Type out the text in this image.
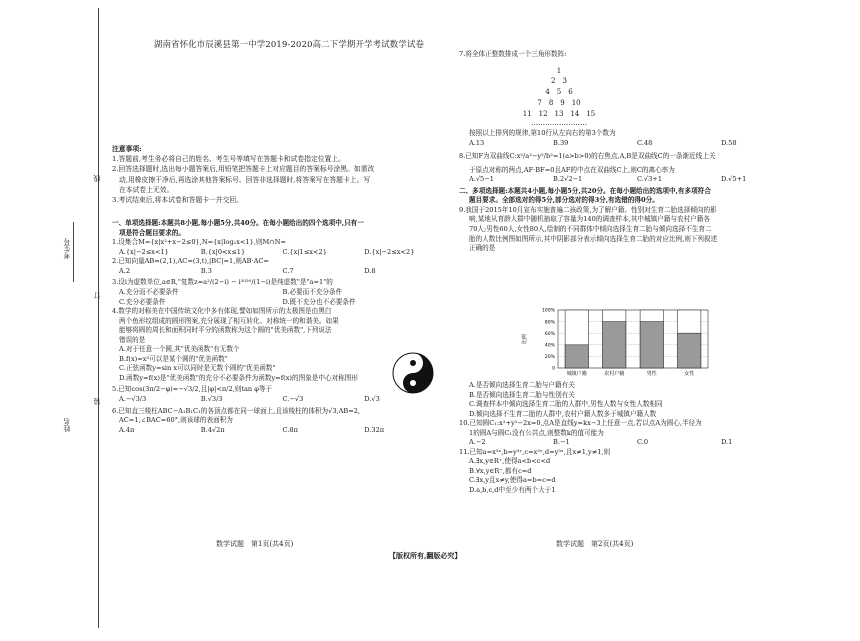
线
考生号
订
姓名
装
湖南省怀化市辰溪县第一中学2019-2020高二下学期开学考试数学试卷

注意事项:

1.答题前,考生务必将自己的姓名、考生号等填写在答题卡和试卷指定位置上。

2.回答选择题时,选出每小题答案后,用铅笔把答题卡上对应题目的答案标号涂黑。如需改

动,用橡皮擦干净后,再选涂其他答案标号。回答非选择题时,将答案写在答题卡上。写

在本试卷上无效。

3.考试结束后,将本试卷和答题卡一并交回。

一、单项选择题:本题共8小题,每小题5分,共40分。在每小题给出的四个选项中,只有一

项是符合题目要求的。

1.设集合M={x|x²+x−2≤0},N={x|log₂x<1},则M∩N=

A.{x|−2≤x<1}	B.{x|0<x≤1}	C.{x|1≤x<2}	D.{x|−2≤x<2}

2.已知向量AB=(2,1),AC=(3,t),|BC|=1,则AB·AC=

A.2	B.3	C.7	D.8

3.设i为虚数单位,a∈R,"复数z=a²/(2−i) − i²⁰²⁰/(1−i)是纯虚数"是"a=1"的

A.充分而不必要条件	B.必要而不充分条件
C.充分必要条件	D.既不充分也不必要条件

4.数学的对称美在中国传统文化中多有体现,譬如如图所示的太极图是由黑白

两个鱼形纹组成的圆形图案,充分展现了相互转化、对称统一的和谐美。如果

能够将圆的周长和面积同时平分的函数称为这个圆的"优美函数",下列说法

错误的是

A.对于任意一个圆,其"优美函数"有无数个

B.f(x)=x³可以是某个圆的"优美函数"

C.正弦函数y=sin x可以同时是无数个圆的"优美函数"

D.函数y=f(x)是"优美函数"的充分不必要条件为函数y=f(x)的图象是中心对称图形

5.已知cos(3π/2−φ)=−√3/2,且|φ|<π/2,则tan φ等于

A.−√3/3	B.√3/3	C.−√3	D.√3

6.已知直三棱柱ABC−A₁B₁C₁的各顶点都在同一球面上,且该棱柱的体积为√3,AB=2,

AC=1,∠BAC=60°,则该球的表面积为

A.4π	B.4√2π	C.8π	D.32π
数学试题　第1页(共4页)
【版权所有,翻版必究】

7.将全体正整数排成一个三角形数阵:

1

2　3

4　5　6

7　8　9　10

11　12　13　14　15

……………………

按照以上排列的规律,第10行从左向右的第3个数为

A.13	B.39	C.48	D.58

8.已知F为双曲线C:x²/a²−y²/b²=1(a>b>0)的右焦点,A,B是双曲线C的一条渐近线上关

于原点对称的两点,AF·BF=0且AF的中点在双曲线C上,则C的离心率为

A.√5−1	B.2√2−1	C.√3+1	D.√5+1

二、多项选择题:本题共4小题,每小题5分,共20分。在每小题给出的选项中,有多项符合

题目要求。全部选对的得5分,部分选对的得3分,有选错的得0分。

9.我国于2015年10月宣布实施普遍二孩政策,为了解户籍、性别对生育二胎选择倾向的影

响,某地从育龄人群中随机抽取了容量为140的调查样本,其中城镇户籍与农村户籍各

70人;男性60人,女性80人,绘制的不同群体中倾向选择生育二胎与倾向选择不生育二

胎的人数比例图如图所示,其中阴影部分表示倾向选择生育二胎的对应比例,则下列叙述

正确的是

比例
0
20%
40%
60%
80%
100%
城镇户籍	农村户籍	男性	女性

A.是否倾向选择生育二胎与户籍有关

B.是否倾向选择生育二胎与性别有关

C.调查样本中倾向选择生育二胎的人群中,男性人数与女性人数相同

D.倾向选择不生育二胎的人群中,农村户籍人数多于城镇户籍人数

10.已知圆C₁:x²+y²−2x=0,点A是直线y=kx−3上任意一点,若以点A为圆心,半径为

1的圆A与圆C₁没有公共点,则整数k的值可能为

A.−2	B.−1	C.0	D.1

11.已知a=x³ˣ,b=y³ʸ,c=x³ʸ,d=y³ˣ,且x≠1,y≠1,则

A.∃x,y∈R⁺,使得a<b<c<d

B.∀x,y∈R⁺,都有c=d

C.∃x,y且x≠y,使得a=b=c=d

D.a,b,c,d中至少有两个大于1

数学试题　第2页(共4页)
